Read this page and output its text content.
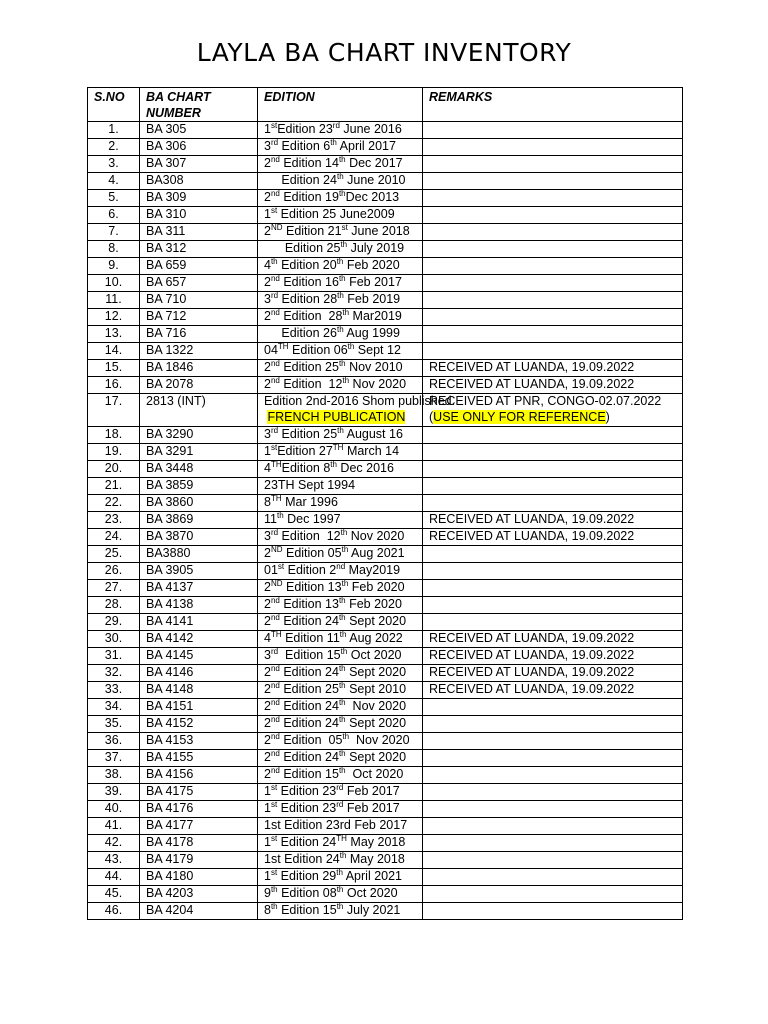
LAYLA BA CHART INVENTORY
S.NO	BA CHART NUMBER	EDITION	REMARKS
1.	BA 305	1stEdition 23rd June 2016	
2.	BA 306	3rd Edition 6th April 2017	
3.	BA 307	2nd Edition 14th Dec 2017	
4.	BA308	Edition 24th June 2010	
5.	BA 309	2nd Edition 19thDec 2013	
6.	BA 310	1st Edition 25 June2009	
7.	BA 311	2ND Edition 21st June 2018	
8.	BA 312	Edition 25th July 2019	
9.	BA 659	4th Edition 20th Feb 2020	
10.	BA 657	2nd Edition 16th Feb 2017	
11.	BA 710	3rd Edition 28th Feb 2019	
12.	BA 712	2nd Edition  28th Mar2019	
13.	BA 716	Edition 26th Aug 1999	
14.	BA 1322	04TH Edition 06th Sept 12	
15.	BA 1846	2nd Edition 25th Nov 2010	RECEIVED AT LUANDA, 19.09.2022
16.	BA 2078	2nd Edition  12th Nov 2020	RECEIVED AT LUANDA, 19.09.2022
17.	2813 (INT)	Edition 2nd-2016 Shom published.
FRENCH PUBLICATION	RECEIVED AT PNR, CONGO-02.07.2022
(USE ONLY FOR REFERENCE)
18.	BA 3290	3rd Edition 25th August 16	
19.	BA 3291	1stEdition 27TH March 14	
20.	BA 3448	4THEdition 8th Dec 2016	
21.	BA 3859	23TH Sept 1994	
22.	BA 3860	8TH Mar 1996	
23.	BA 3869	11th Dec 1997	RECEIVED AT LUANDA, 19.09.2022
24.	BA 3870	3rd Edition  12th Nov 2020	RECEIVED AT LUANDA, 19.09.2022
25.	BA3880	2ND Edition 05th Aug 2021	
26.	BA 3905	01st Edition 2nd May2019	
27.	BA 4137	2ND Edition 13th Feb 2020	
28.	BA 4138	2nd Edition 13th Feb 2020	
29.	BA 4141	2nd Edition 24th Sept 2020	
30.	BA 4142	4TH Edition 11th Aug 2022	RECEIVED AT LUANDA, 19.09.2022
31.	BA 4145	3rd  Edition 15th Oct 2020	RECEIVED AT LUANDA, 19.09.2022
32.	BA 4146	2nd Edition 24th Sept 2020	RECEIVED AT LUANDA, 19.09.2022
33.	BA 4148	2nd Edition 25th Sept 2010	RECEIVED AT LUANDA, 19.09.2022
34.	BA 4151	2nd Edition 24th  Nov 2020	
35.	BA 4152	2nd Edition 24th Sept 2020	
36.	BA 4153	2nd Edition  05th  Nov 2020	
37.	BA 4155	2nd Edition 24th Sept 2020	
38.	BA 4156	2nd Edition 15th  Oct 2020	
39.	BA 4175	1st Edition 23rd Feb 2017	
40.	BA 4176	1st Edition 23rd Feb 2017	
41.	BA 4177	1st Edition 23rd Feb 2017	
42.	BA 4178	1st Edition 24TH May 2018	
43.	BA 4179	1st Edition 24th May 2018	
44.	BA 4180	1st Edition 29th April 2021	
45.	BA 4203	9th Edition 08th Oct 2020	
46.	BA 4204	8th Edition 15th July 2021	
